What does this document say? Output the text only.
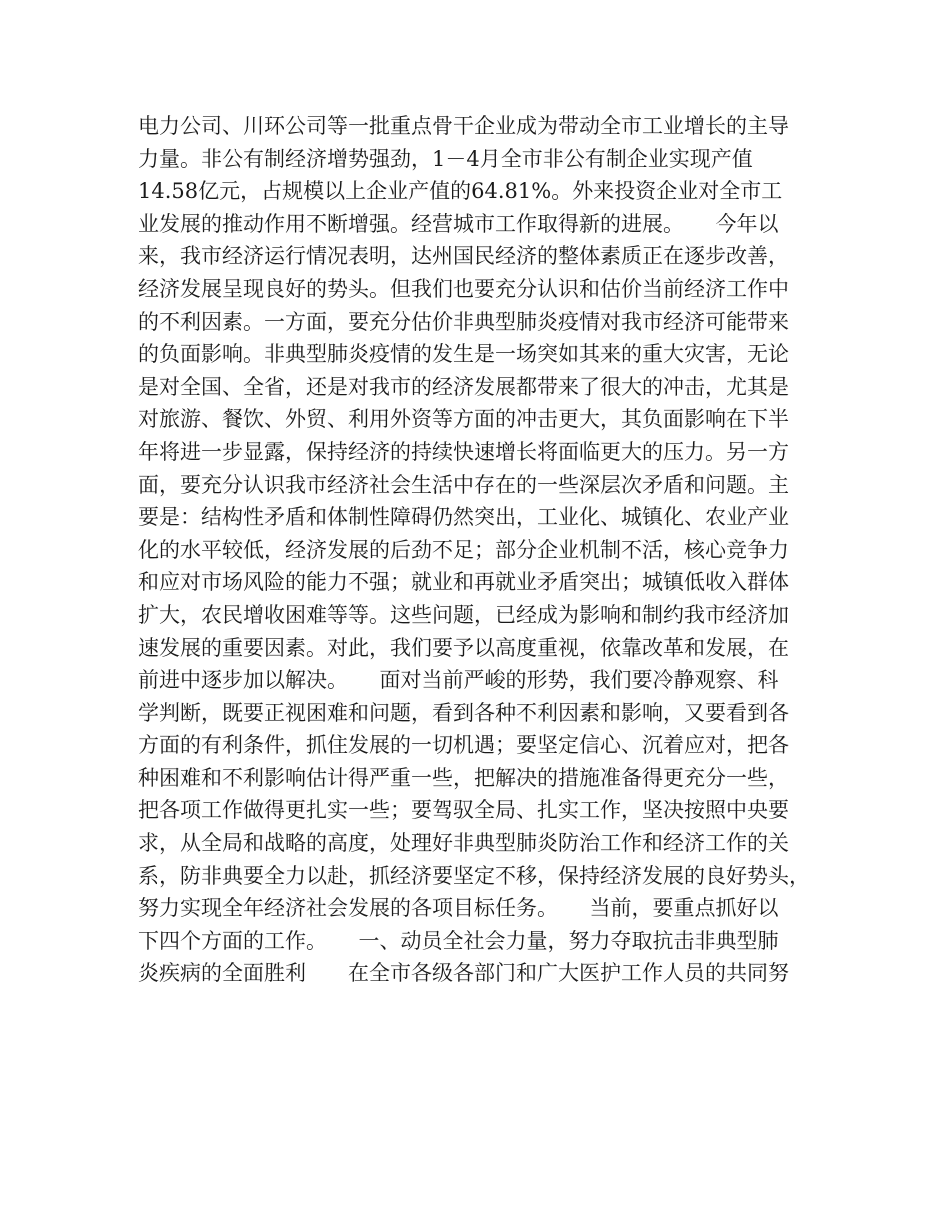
电力公司、川环公司等一批重点骨干企业成为带动全市工业增长的主导
力量。非公有制经济增势强劲，1－4月全市非公有制企业实现产值
14.58亿元，占规模以上企业产值的64.81%。外来投资企业对全市工
业发展的推动作用不断增强。经营城市工作取得新的进展。　　今年以
来，我市经济运行情况表明，达州国民经济的整体素质正在逐步改善，
经济发展呈现良好的势头。但我们也要充分认识和估价当前经济工作中
的不利因素。一方面，要充分估价非典型肺炎疫情对我市经济可能带来
的负面影响。非典型肺炎疫情的发生是一场突如其来的重大灾害，无论
是对全国、全省，还是对我市的经济发展都带来了很大的冲击，尤其是
对旅游、餐饮、外贸、利用外资等方面的冲击更大，其负面影响在下半
年将进一步显露，保持经济的持续快速增长将面临更大的压力。另一方
面，要充分认识我市经济社会生活中存在的一些深层次矛盾和问题。主
要是：结构性矛盾和体制性障碍仍然突出，工业化、城镇化、农业产业
化的水平较低，经济发展的后劲不足；部分企业机制不活，核心竞争力
和应对市场风险的能力不强；就业和再就业矛盾突出；城镇低收入群体
扩大，农民增收困难等等。这些问题，已经成为影响和制约我市经济加
速发展的重要因素。对此，我们要予以高度重视，依靠改革和发展，在
前进中逐步加以解决。　　面对当前严峻的形势，我们要冷静观察、科
学判断，既要正视困难和问题，看到各种不利因素和影响，又要看到各
方面的有利条件，抓住发展的一切机遇；要坚定信心、沉着应对，把各
种困难和不利影响估计得严重一些，把解决的措施准备得更充分一些，
把各项工作做得更扎实一些；要驾驭全局、扎实工作，坚决按照中央要
求，从全局和战略的高度，处理好非典型肺炎防治工作和经济工作的关
系，防非典要全力以赴，抓经济要坚定不移，保持经济发展的良好势头，
努力实现全年经济社会发展的各项目标任务。　　当前，要重点抓好以
下四个方面的工作。　　一、动员全社会力量，努力夺取抗击非典型肺
炎疾病的全面胜利　　在全市各级各部门和广大医护工作人员的共同努
